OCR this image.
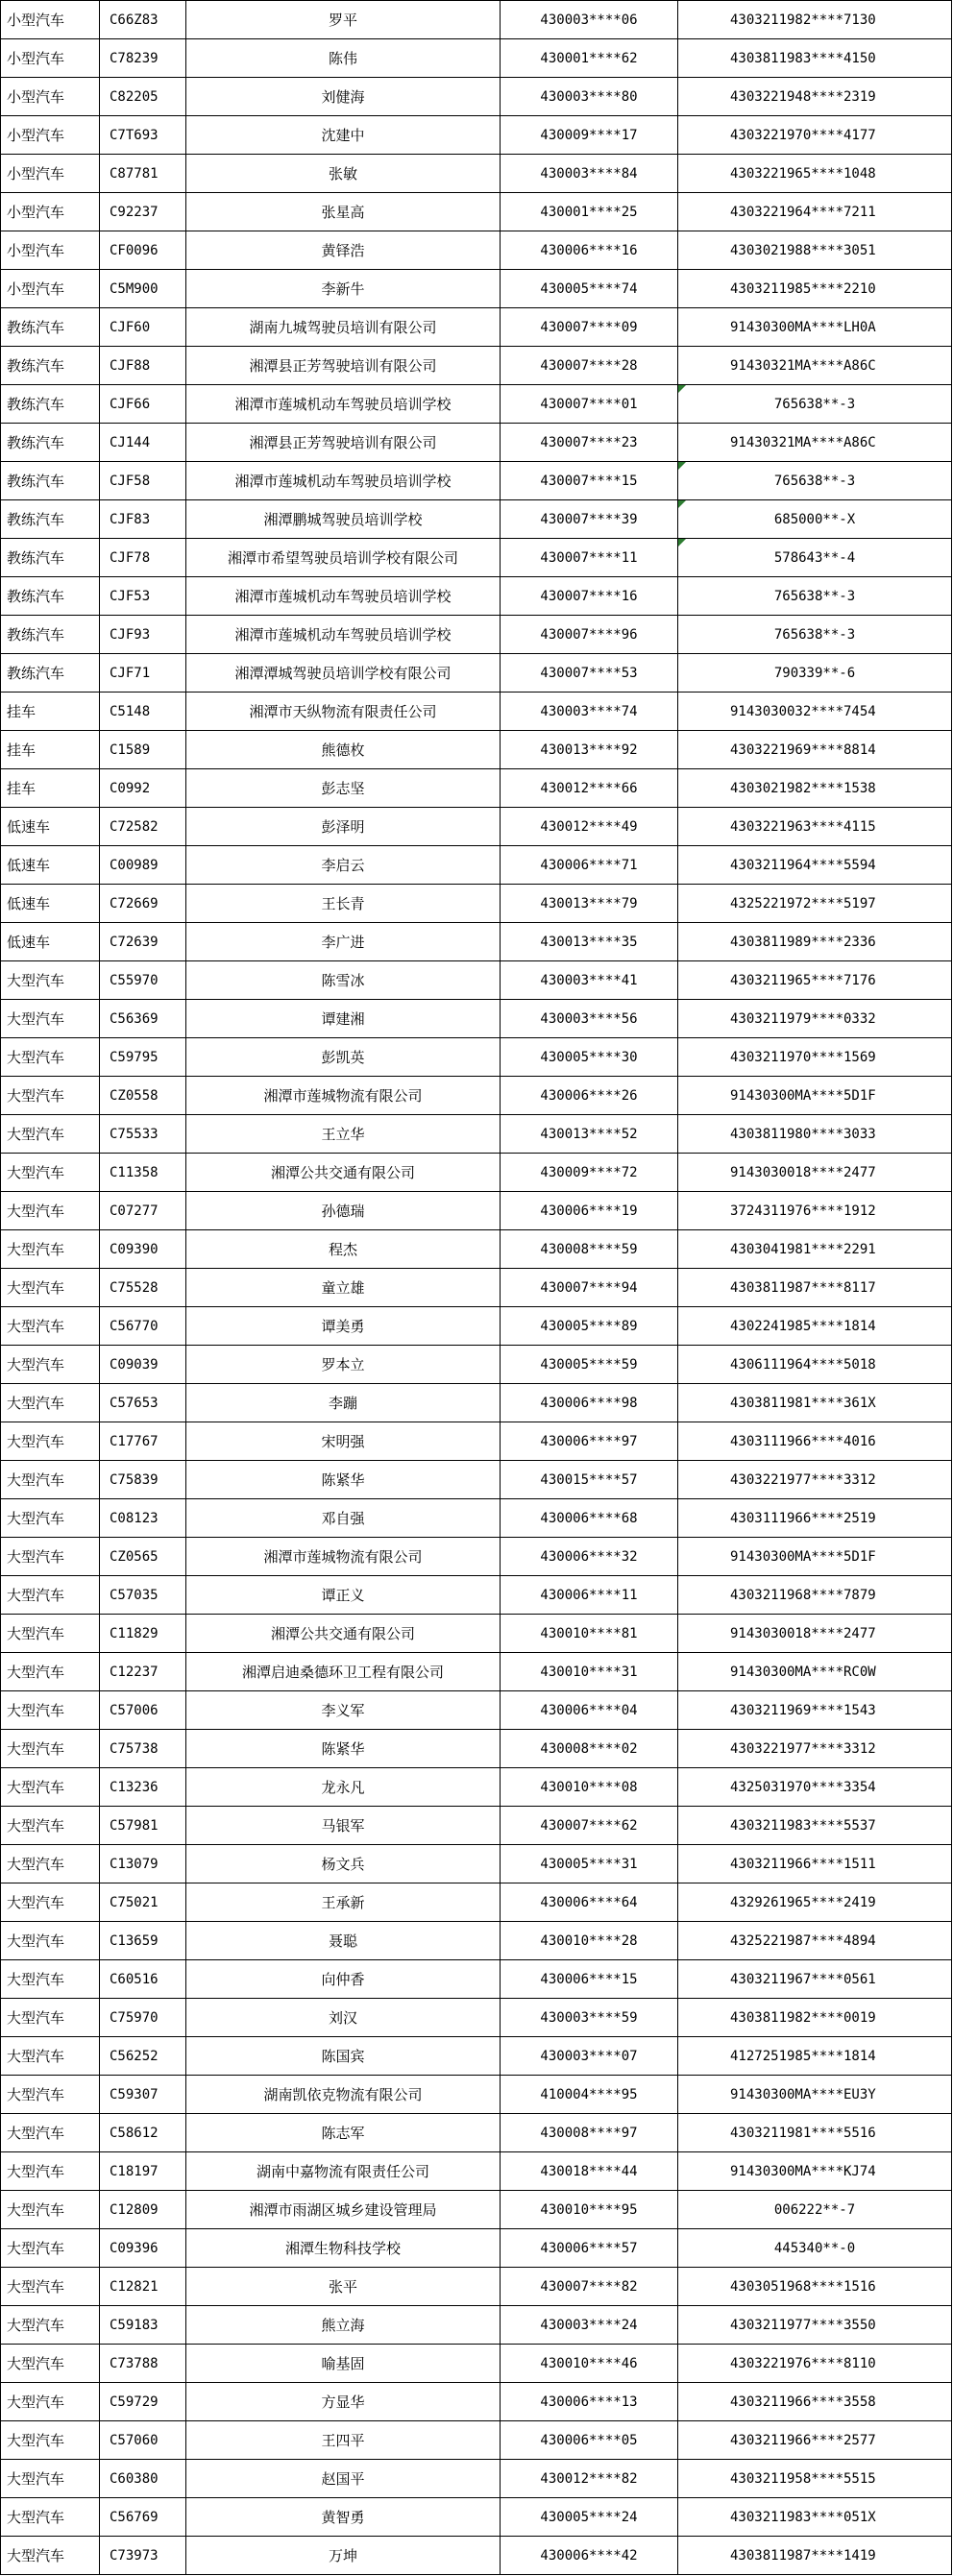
小型汽车	C66Z83	罗平	430003****06	4303211982****7130
小型汽车	C78239	陈伟	430001****62	4303811983****4150
小型汽车	C82205	刘健海	430003****80	4303221948****2319
小型汽车	C7T693	沈建中	430009****17	4303221970****4177
小型汽车	C87781	张敏	430003****84	4303221965****1048
小型汽车	C92237	张星高	430001****25	4303221964****7211
小型汽车	CF0096	黄铎浩	430006****16	4303021988****3051
小型汽车	C5M900	李新牛	430005****74	4303211985****2210
教练汽车	CJF60	湖南九城驾驶员培训有限公司	430007****09	91430300MA****LH0A
教练汽车	CJF88	湘潭县正芳驾驶培训有限公司	430007****28	91430321MA****A86C
教练汽车	CJF66	湘潭市莲城机动车驾驶员培训学校	430007****01	765638**-3
教练汽车	CJ144	湘潭县正芳驾驶培训有限公司	430007****23	91430321MA****A86C
教练汽车	CJF58	湘潭市莲城机动车驾驶员培训学校	430007****15	765638**-3
教练汽车	CJF83	湘潭鹏城驾驶员培训学校	430007****39	685000**-X
教练汽车	CJF78	湘潭市希望驾驶员培训学校有限公司	430007****11	578643**-4
教练汽车	CJF53	湘潭市莲城机动车驾驶员培训学校	430007****16	765638**-3
教练汽车	CJF93	湘潭市莲城机动车驾驶员培训学校	430007****96	765638**-3
教练汽车	CJF71	湘潭潭城驾驶员培训学校有限公司	430007****53	790339**-6
挂车	C5148	湘潭市天纵物流有限责任公司	430003****74	9143030032****7454
挂车	C1589	熊德枚	430013****92	4303221969****8814
挂车	C0992	彭志坚	430012****66	4303021982****1538
低速车	C72582	彭泽明	430012****49	4303221963****4115
低速车	C00989	李启云	430006****71	4303211964****5594
低速车	C72669	王长青	430013****79	4325221972****5197
低速车	C72639	李广进	430013****35	4303811989****2336
大型汽车	C55970	陈雪冰	430003****41	4303211965****7176
大型汽车	C56369	谭建湘	430003****56	4303211979****0332
大型汽车	C59795	彭凯英	430005****30	4303211970****1569
大型汽车	CZ0558	湘潭市莲城物流有限公司	430006****26	91430300MA****5D1F
大型汽车	C75533	王立华	430013****52	4303811980****3033
大型汽车	C11358	湘潭公共交通有限公司	430009****72	9143030018****2477
大型汽车	C07277	孙德瑞	430006****19	3724311976****1912
大型汽车	C09390	程杰	430008****59	4303041981****2291
大型汽车	C75528	童立雄	430007****94	4303811987****8117
大型汽车	C56770	谭美勇	430005****89	4302241985****1814
大型汽车	C09039	罗本立	430005****59	4306111964****5018
大型汽车	C57653	李蹦	430006****98	4303811981****361X
大型汽车	C17767	宋明强	430006****97	4303111966****4016
大型汽车	C75839	陈紧华	430015****57	4303221977****3312
大型汽车	C08123	邓自强	430006****68	4303111966****2519
大型汽车	CZ0565	湘潭市莲城物流有限公司	430006****32	91430300MA****5D1F
大型汽车	C57035	谭正义	430006****11	4303211968****7879
大型汽车	C11829	湘潭公共交通有限公司	430010****81	9143030018****2477
大型汽车	C12237	湘潭启迪桑德环卫工程有限公司	430010****31	91430300MA****RC0W
大型汽车	C57006	李义军	430006****04	4303211969****1543
大型汽车	C75738	陈紧华	430008****02	4303221977****3312
大型汽车	C13236	龙永凡	430010****08	4325031970****3354
大型汽车	C57981	马银军	430007****62	4303211983****5537
大型汽车	C13079	杨文兵	430005****31	4303211966****1511
大型汽车	C75021	王承新	430006****64	4329261965****2419
大型汽车	C13659	聂聪	430010****28	4325221987****4894
大型汽车	C60516	向仲香	430006****15	4303211967****0561
大型汽车	C75970	刘汉	430003****59	4303811982****0019
大型汽车	C56252	陈国宾	430003****07	4127251985****1814
大型汽车	C59307	湖南凯依克物流有限公司	410004****95	91430300MA****EU3Y
大型汽车	C58612	陈志军	430008****97	4303211981****5516
大型汽车	C18197	湖南中嘉物流有限责任公司	430018****44	91430300MA****KJ74
大型汽车	C12809	湘潭市雨湖区城乡建设管理局	430010****95	006222**-7
大型汽车	C09396	湘潭生物科技学校	430006****57	445340**-0
大型汽车	C12821	张平	430007****82	4303051968****1516
大型汽车	C59183	熊立海	430003****24	4303211977****3550
大型汽车	C73788	喻基固	430010****46	4303221976****8110
大型汽车	C59729	方显华	430006****13	4303211966****3558
大型汽车	C57060	王四平	430006****05	4303211966****2577
大型汽车	C60380	赵国平	430012****82	4303211958****5515
大型汽车	C56769	黄智勇	430005****24	4303211983****051X
大型汽车	C73973	万坤	430006****42	4303811987****1419
